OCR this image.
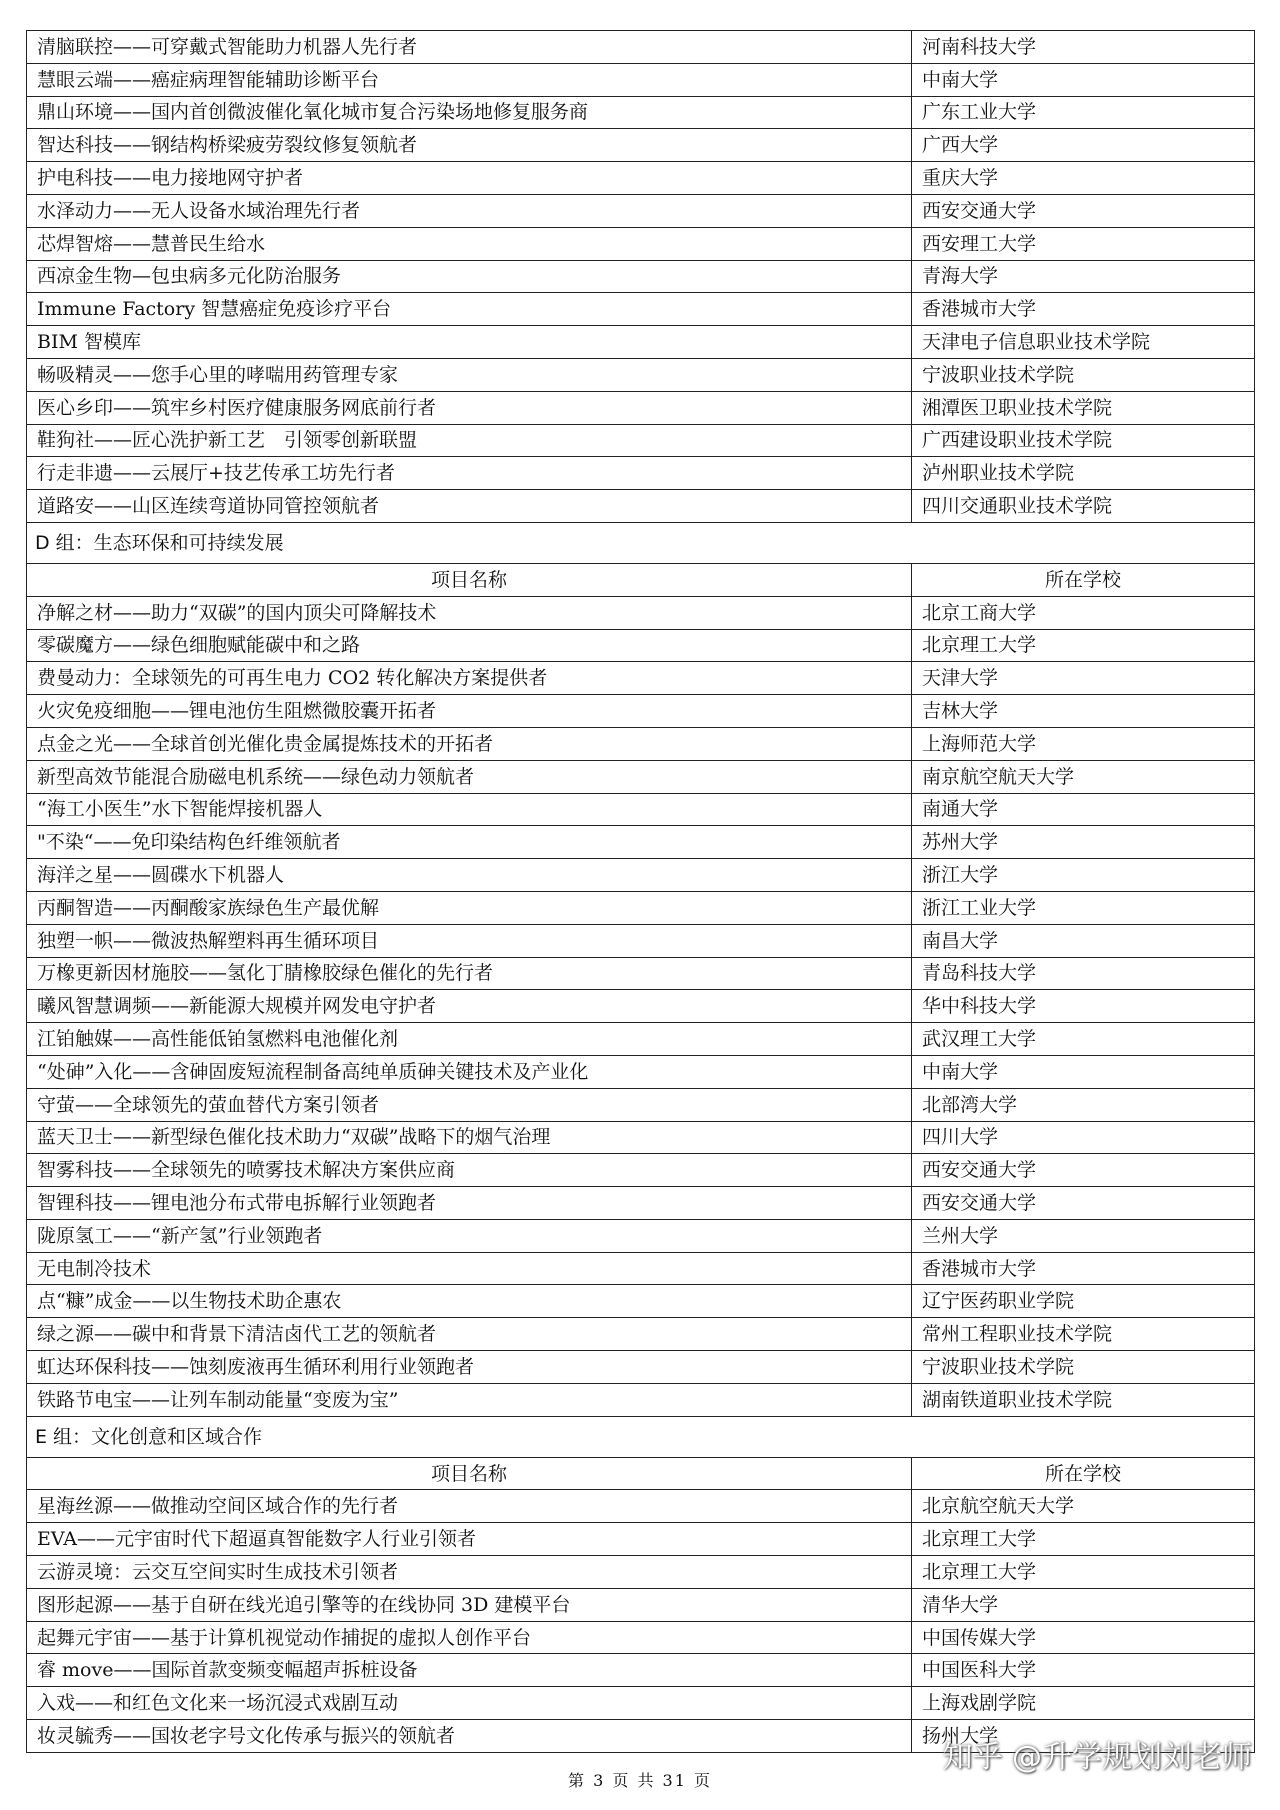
清脑联控——可穿戴式智能助力机器人先行者	河南科技大学
慧眼云端——癌症病理智能辅助诊断平台	中南大学
鼎山环境——国内首创微波催化氧化城市复合污染场地修复服务商	广东工业大学
智达科技——钢结构桥梁疲劳裂纹修复领航者	广西大学
护电科技——电力接地网守护者	重庆大学
水泽动力——无人设备水域治理先行者	西安交通大学
芯焊智熔——慧普民生给水	西安理工大学
西凉金生物—包虫病多元化防治服务	青海大学
Immune Factory 智慧癌症免疫诊疗平台	香港城市大学
BIM 智模库	天津电子信息职业技术学院
畅吸精灵——您手心里的哮喘用药管理专家	宁波职业技术学院
医心乡印——筑牢乡村医疗健康服务网底前行者	湘潭医卫职业技术学院
鞋狗社——匠心洗护新工艺　引领零创新联盟	广西建设职业技术学院
行走非遗——云展厅+技艺传承工坊先行者	泸州职业技术学院
道路安——山区连续弯道协同管控领航者	四川交通职业技术学院
D 组：生态环保和可持续发展	
项目名称	所在学校
净解之材——助力“双碳”的国内顶尖可降解技术	北京工商大学
零碳魔方——绿色细胞赋能碳中和之路	北京理工大学
费曼动力：全球领先的可再生电力 CO2 转化解决方案提供者	天津大学
火灾免疫细胞——锂电池仿生阻燃微胶囊开拓者	吉林大学
点金之光——全球首创光催化贵金属提炼技术的开拓者	上海师范大学
新型高效节能混合励磁电机系统——绿色动力领航者	南京航空航天大学
“海工小医生”水下智能焊接机器人	南通大学
"不染“——免印染结构色纤维领航者	苏州大学
海洋之星——圆碟水下机器人	浙江大学
丙酮智造——丙酮酸家族绿色生产最优解	浙江工业大学
独塑一帜——微波热解塑料再生循环项目	南昌大学
万橡更新因材施胶——氢化丁腈橡胶绿色催化的先行者	青岛科技大学
曦风智慧调频——新能源大规模并网发电守护者	华中科技大学
江铂触媒——高性能低铂氢燃料电池催化剂	武汉理工大学
“处砷”入化——含砷固废短流程制备高纯单质砷关键技术及产业化	中南大学
守萤——全球领先的萤血替代方案引领者	北部湾大学
蓝天卫士——新型绿色催化技术助力“双碳”战略下的烟气治理	四川大学
智雾科技——全球领先的喷雾技术解决方案供应商	西安交通大学
智锂科技——锂电池分布式带电拆解行业领跑者	西安交通大学
陇原氢工——“新产氢”行业领跑者	兰州大学
无电制冷技术	香港城市大学
点“糠”成金——以生物技术助企惠农	辽宁医药职业学院
绿之源——碳中和背景下清洁卤代工艺的领航者	常州工程职业技术学院
虹达环保科技——蚀刻废液再生循环利用行业领跑者	宁波职业技术学院
铁路节电宝——让列车制动能量“变废为宝”	湖南铁道职业技术学院
E 组：文化创意和区域合作	
项目名称	所在学校
星海丝源——做推动空间区域合作的先行者	北京航空航天大学
EVA——元宇宙时代下超逼真智能数字人行业引领者	北京理工大学
云游灵境：云交互空间实时生成技术引领者	北京理工大学
图形起源——基于自研在线光追引擎等的在线协同 3D 建模平台	清华大学
起舞元宇宙——基于计算机视觉动作捕捉的虚拟人创作平台	中国传媒大学
睿 move——国际首款变频变幅超声拆桩设备	中国医科大学
入戏——和红色文化来一场沉浸式戏剧互动	上海戏剧学院
妆灵毓秀——国妆老字号文化传承与振兴的领航者	扬州大学
第 3 页 共 31 页
知乎 @升学规划刘老师
